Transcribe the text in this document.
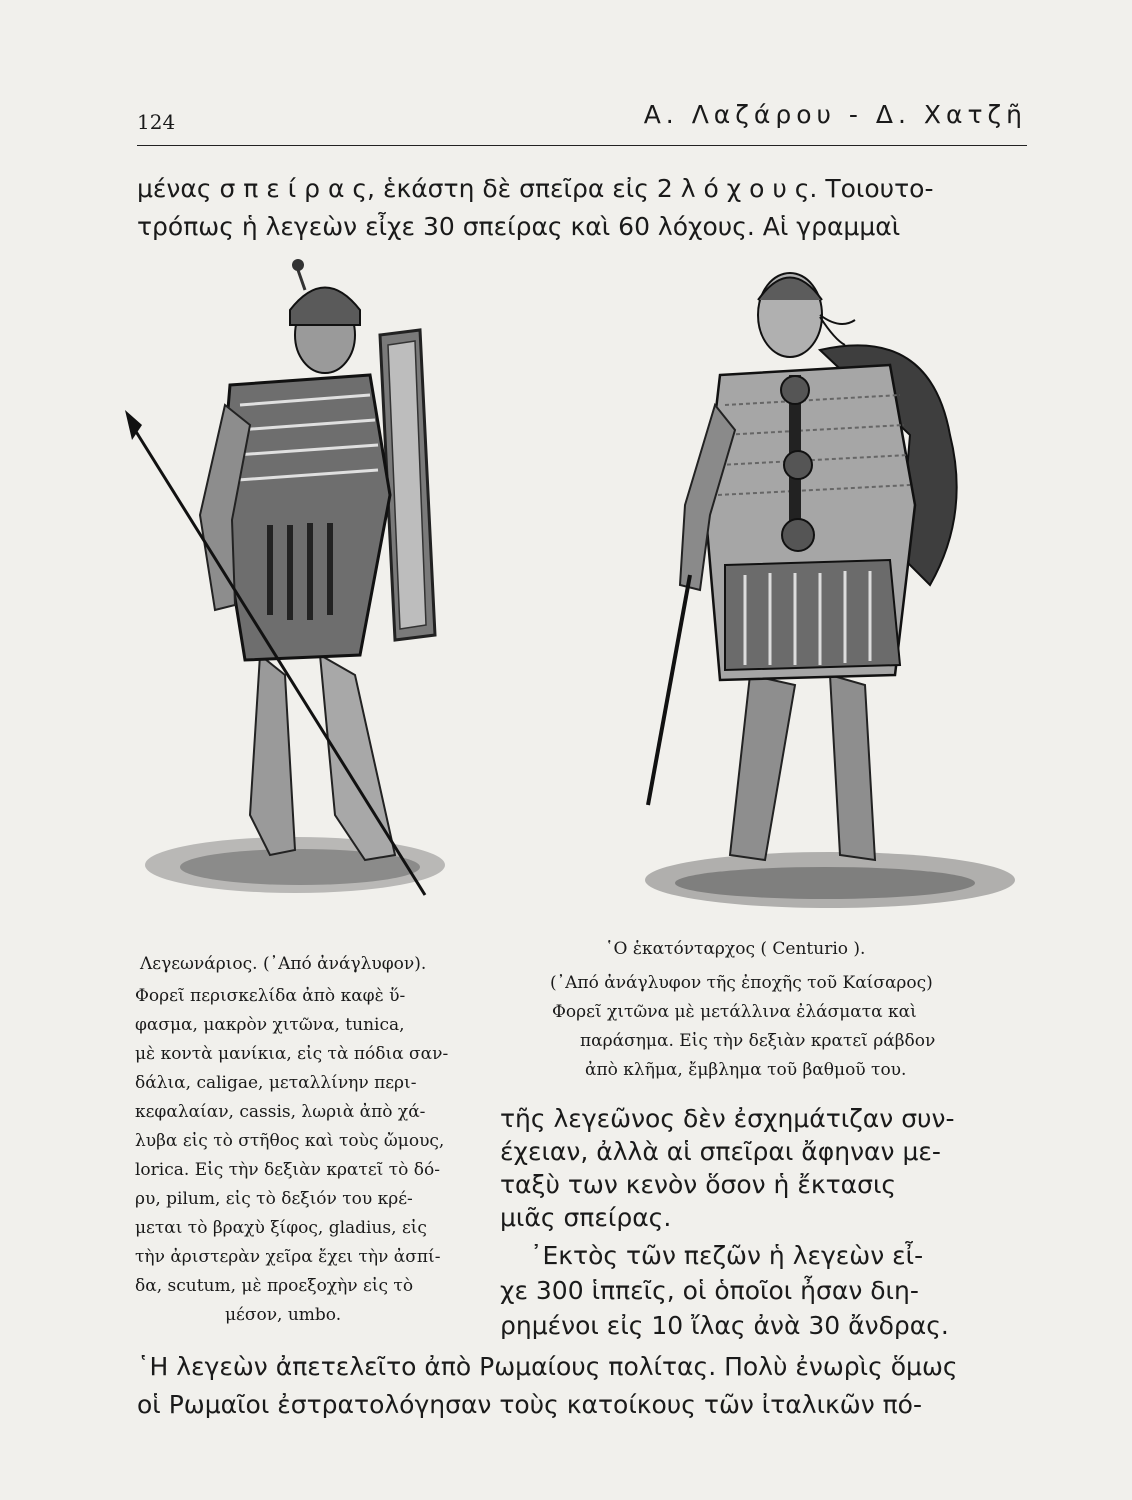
124	Α. Λαζάρου - Δ. Χατζῆ
μένας σ π ε ί ρ α ς, ἑκάστη δὲ σπεῖρα εἰς 2 λ ό χ ο υ ς. Τοιουτο-
τρόπως ἡ λεγεὼν εἶχε 30 σπείρας καὶ 60 λόχους. Αἱ γραμμαὶ
Λεγεωνάριος. (᾿Από ἀνάγλυφον).
Φορεῖ περισκελίδα ἀπὸ καφὲ ὕ-
φασμα, μακρὸν χιτῶνα, tunica,
μὲ κοντὰ μανίκια, εἰς τὰ πόδια σαν-
δάλια, caligae, μεταλλίνην περι-
κεφαλαίαν, cassis, λωριὰ ἀπὸ χά-
λυβα εἰς τὸ στῆθος καὶ τοὺς ὤμους,
lorica. Εἰς τὴν δεξιὰν κρατεῖ τὸ δό-
ρυ, pilum, εἰς τὸ δεξιόν του κρέ-
μεται τὸ βραχὺ ξίφος, gladius, εἰς
τὴν ἀριστερὰν χεῖρα ἔχει τὴν ἀσπί-
δα, scutum, μὲ προεξοχὴν εἰς τὸ
μέσον, umbo.
῾Ο ἑκατόνταρχος ( Centurio ).
(᾿Από ἀνάγλυφον τῆς ἐποχῆς τοῦ Καίσαρος)
Φορεῖ χιτῶνα μὲ μετάλλινα ἐλάσματα καὶ
παράσημα. Εἰς τὴν δεξιὰν κρατεῖ ράβδον
ἀπὸ κλῆμα, ἔμβλημα τοῦ βαθμοῦ του.
τῆς λεγεῶνος δὲν ἐσχημάτιζαν συν-
έχειαν, ἀλλὰ αἱ σπεῖραι ἄφηναν με-
ταξὺ των κενὸν ὅσον ἡ ἔκτασις
μιᾶς σπείρας.
᾿Εκτὸς τῶν πεζῶν ἡ λεγεὼν εἶ-
χε 300 ἱππεῖς, οἱ ὁποῖοι ἦσαν διη-
ρημένοι εἰς 10 ἴλας ἀνὰ 30 ἄνδρας.
῾Η λεγεὼν ἀπετελεῖτο ἀπὸ Ρωμαίους πολίτας. Πολὺ ἐνωρὶς ὅμως
οἱ Ρωμαῖοι ἐστρατολόγησαν τοὺς κατοίκους τῶν ἰταλικῶν πό-
